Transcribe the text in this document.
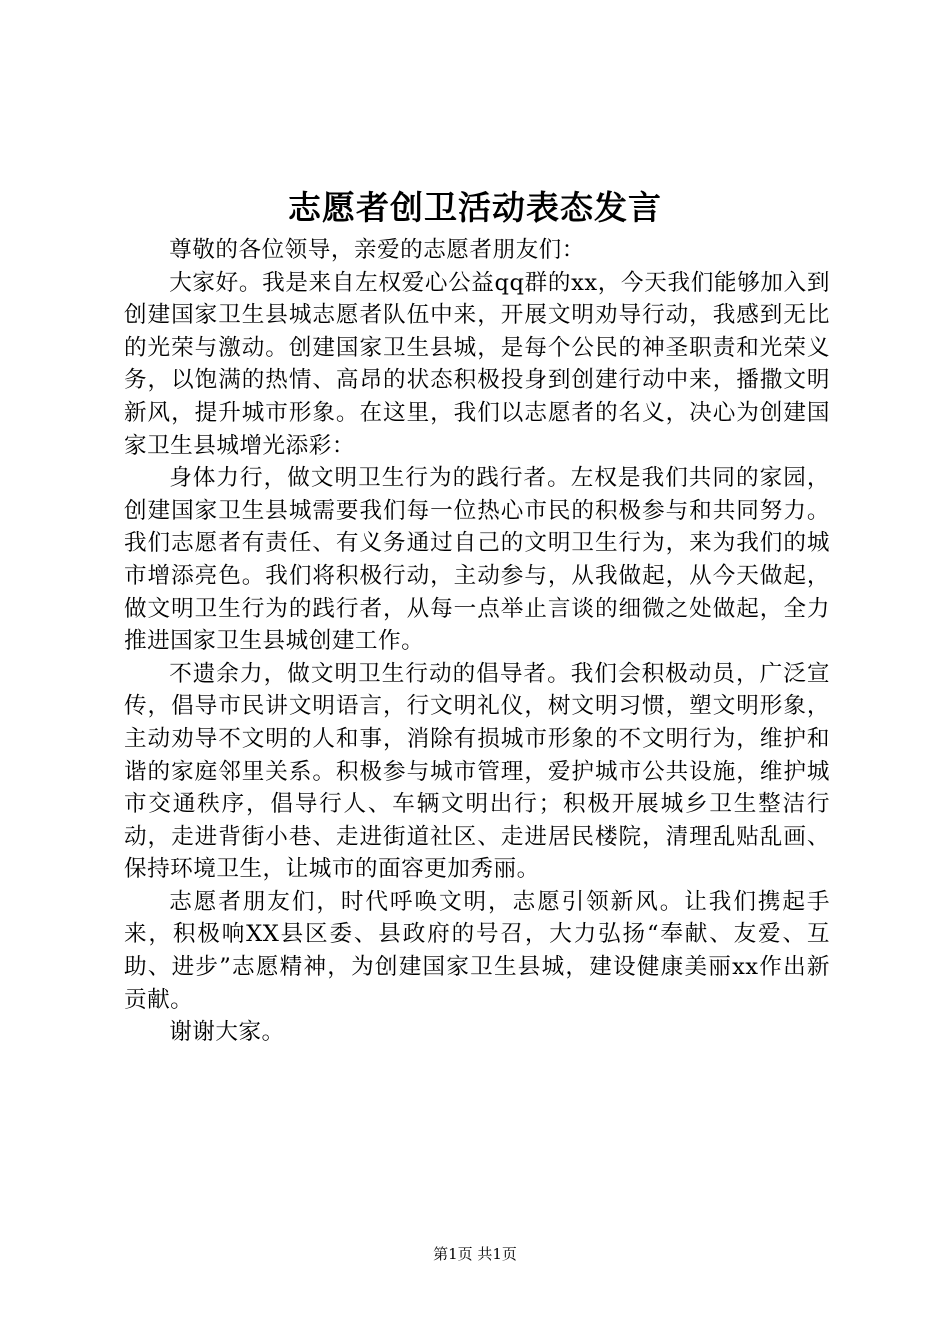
志愿者创卫活动表态发言

尊敬的各位领导，亲爱的志愿者朋友们：

大家好。我是来自左权爱心公益qq群的xx，今天我们能够加入到创建国家卫生县城志愿者队伍中来，开展文明劝导行动，我感到无比的光荣与激动。创建国家卫生县城，是每个公民的神圣职责和光荣义务，以饱满的热情、高昂的状态积极投身到创建行动中来，播撒文明新风，提升城市形象。在这里，我们以志愿者的名义，决心为创建国家卫生县城增光添彩：

身体力行，做文明卫生行为的践行者。左权是我们共同的家园，创建国家卫生县城需要我们每一位热心市民的积极参与和共同努力。我们志愿者有责任、有义务通过自己的文明卫生行为，来为我们的城市增添亮色。我们将积极行动，主动参与，从我做起，从今天做起，做文明卫生行为的践行者，从每一点举止言谈的细微之处做起，全力推进国家卫生县城创建工作。

不遗余力，做文明卫生行动的倡导者。我们会积极动员，广泛宣传，倡导市民讲文明语言，行文明礼仪，树文明习惯，塑文明形象，主动劝导不文明的人和事，消除有损城市形象的不文明行为，维护和谐的家庭邻里关系。积极参与城市管理，爱护城市公共设施，维护城市交通秩序，倡导行人、车辆文明出行；积极开展城乡卫生整洁行动，走进背街小巷、走进街道社区、走进居民楼院，清理乱贴乱画、保持环境卫生，让城市的面容更加秀丽。

志愿者朋友们，时代呼唤文明，志愿引领新风。让我们携起手来，积极响XX县区委、县政府的号召，大力弘扬“奉献、友爱、互助、进步”志愿精神，为创建国家卫生县城，建设健康美丽xx作出新贡献。

谢谢大家。

第1页 共1页
